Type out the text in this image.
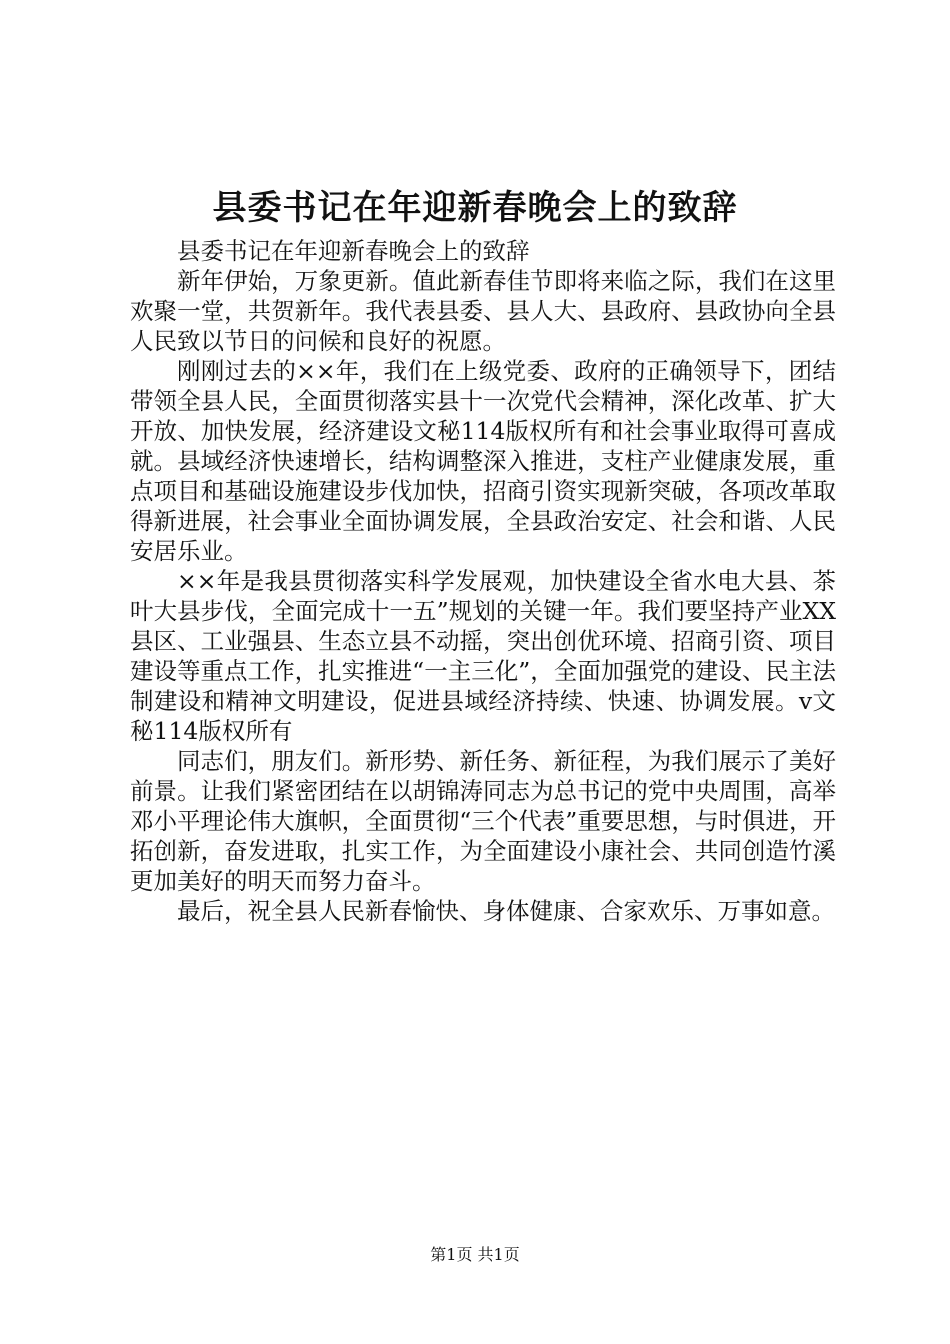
县委书记在年迎新春晚会上的致辞

县委书记在年迎新春晚会上的致辞

新年伊始，万象更新。值此新春佳节即将来临之际，我们在这里欢聚一堂，共贺新年。我代表县委、县人大、县政府、县政协向全县人民致以节日的问候和良好的祝愿。

刚刚过去的××年，我们在上级党委、政府的正确领导下，团结带领全县人民，全面贯彻落实县十一次党代会精神，深化改革、扩大开放、加快发展，经济建设文秘114版权所有和社会事业取得可喜成就。县域经济快速增长，结构调整深入推进，支柱产业健康发展，重点项目和基础设施建设步伐加快，招商引资实现新突破，各项改革取得新进展，社会事业全面协调发展，全县政治安定、社会和谐、人民安居乐业。

××年是我县贯彻落实科学发展观，加快建设全省水电大县、茶叶大县步伐，全面完成十一五”规划的关键一年。我们要坚持产业XX县区、工业强县、生态立县不动摇，突出创优环境、招商引资、项目建设等重点工作，扎实推进“一主三化”，全面加强党的建设、民主法制建设和精神文明建设，促进县域经济持续、快速、协调发展。v文秘114版权所有

同志们，朋友们。新形势、新任务、新征程，为我们展示了美好前景。让我们紧密团结在以胡锦涛同志为总书记的党中央周围，高举邓小平理论伟大旗帜，全面贯彻“三个代表”重要思想，与时俱进，开拓创新，奋发进取，扎实工作，为全面建设小康社会、共同创造竹溪更加美好的明天而努力奋斗。

最后，祝全县人民新春愉快、身体健康、合家欢乐、万事如意。

第1页 共1页
